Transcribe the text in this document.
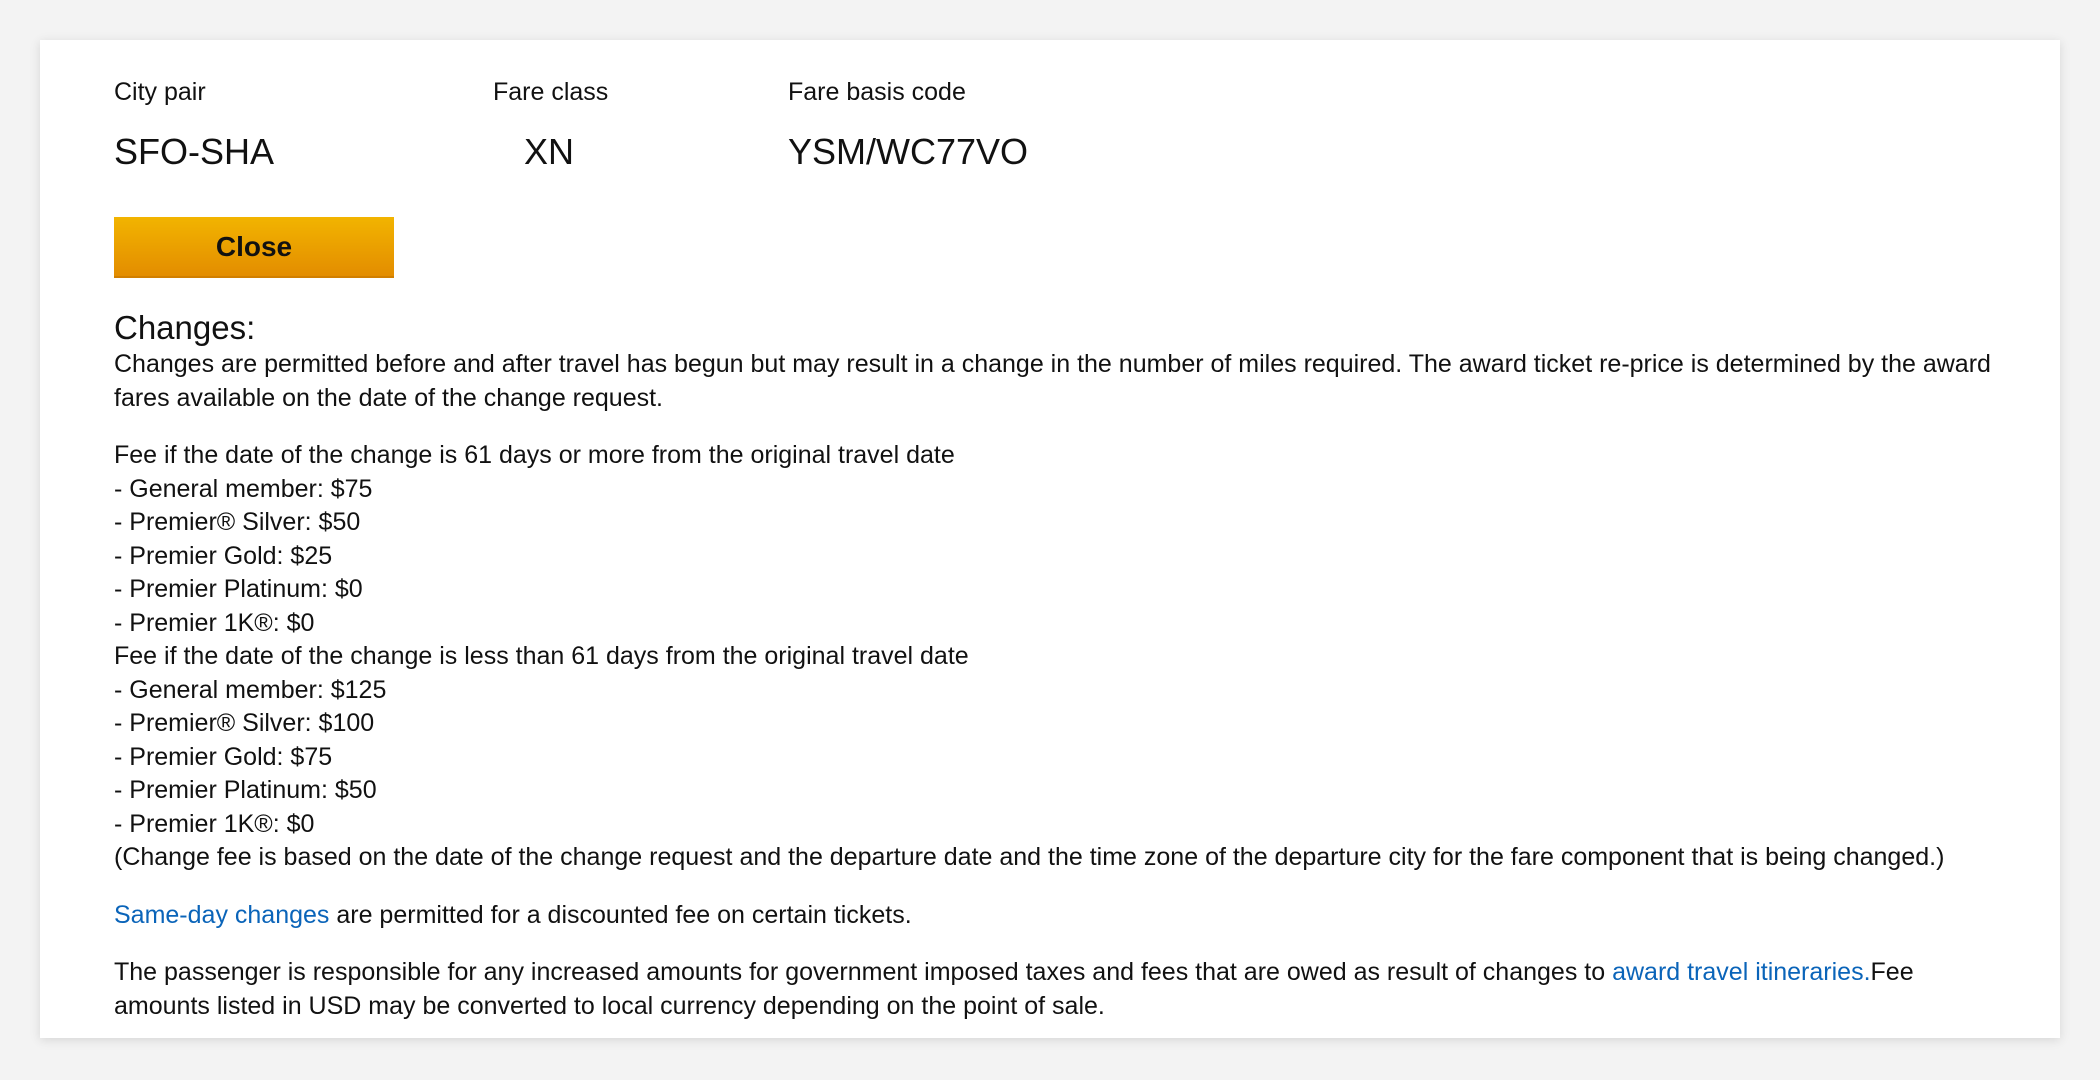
City pair
SFO-SHA
Fare class
XN
Fare basis code
YSM/WC77VO
Close
Changes:

Changes are permitted before and after travel has begun but may result in a change in the number of miles required. The award ticket re-price is determined by the award fares available on the date of the change request.

Fee if the date of the change is 61 days or more from the original travel date
- General member: $75
- Premier® Silver: $50
- Premier Gold: $25
- Premier Platinum: $0
- Premier 1K®: $0
Fee if the date of the change is less than 61 days from the original travel date
- General member: $125
- Premier® Silver: $100
- Premier Gold: $75
- Premier Platinum: $50
- Premier 1K®: $0
(Change fee is based on the date of the change request and the departure date and the time zone of the departure city for the fare component that is being changed.)

Same-day changes are permitted for a discounted fee on certain tickets.

The passenger is responsible for any increased amounts for government imposed taxes and fees that are owed as result of changes to award travel itineraries.Fee amounts listed in USD may be converted to local currency depending on the point of sale.
